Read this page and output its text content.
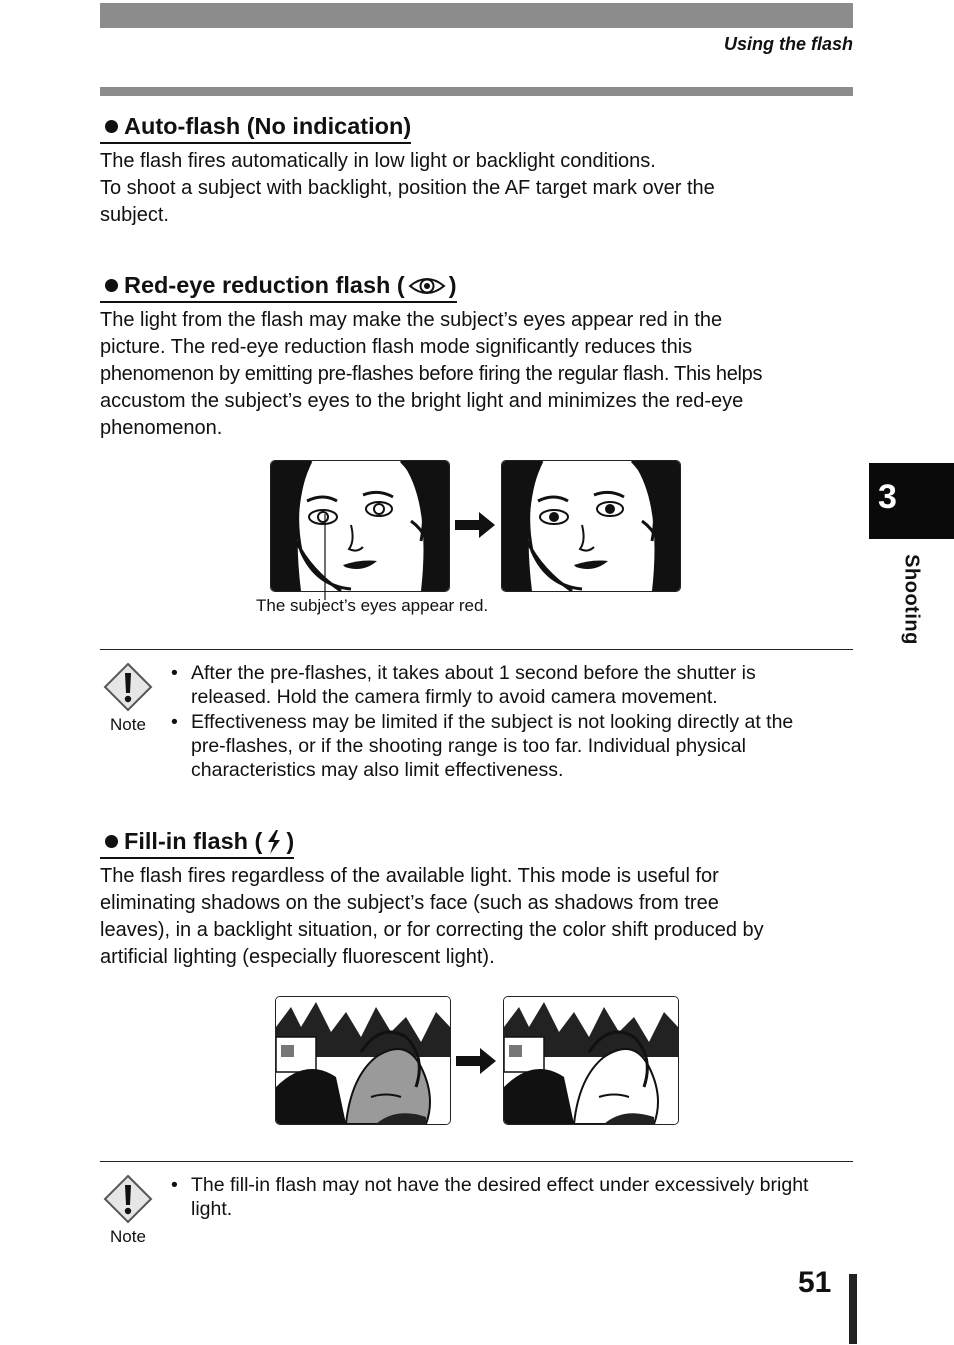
Using the flash
Auto-flash (No indication)

The flash fires automatically in low light or backlight conditions.
To shoot a subject with backlight, position the AF target mark over the
subject.

Red-eye reduction flash ( )

The light from the flash may make the subject’s eyes appear red in the
picture. The red-eye reduction flash mode significantly reduces this
phenomenon by emitting pre-flashes before firing the regular flash. This helps
accustom the subject’s eyes to the bright light and minimizes the red-eye
phenomenon.

The subject’s eyes appear red.
Note
• After the pre-flashes, it takes about 1 second before the shutter is
released. Hold the camera firmly to avoid camera movement.
• Effectiveness may be limited if the subject is not looking directly at the
pre-flashes, or if the shooting range is too far. Individual physical
characteristics may also limit effectiveness.
Fill-in flash ( )

The flash fires regardless of the available light. This mode is useful for
eliminating shadows on the subject’s face (such as shadows from tree
leaves), in a backlight situation, or for correcting the color shift produced by
artificial lighting (especially fluorescent light).

Note
• The fill-in flash may not have the desired effect under excessively bright
light.
3
Shooting
51
